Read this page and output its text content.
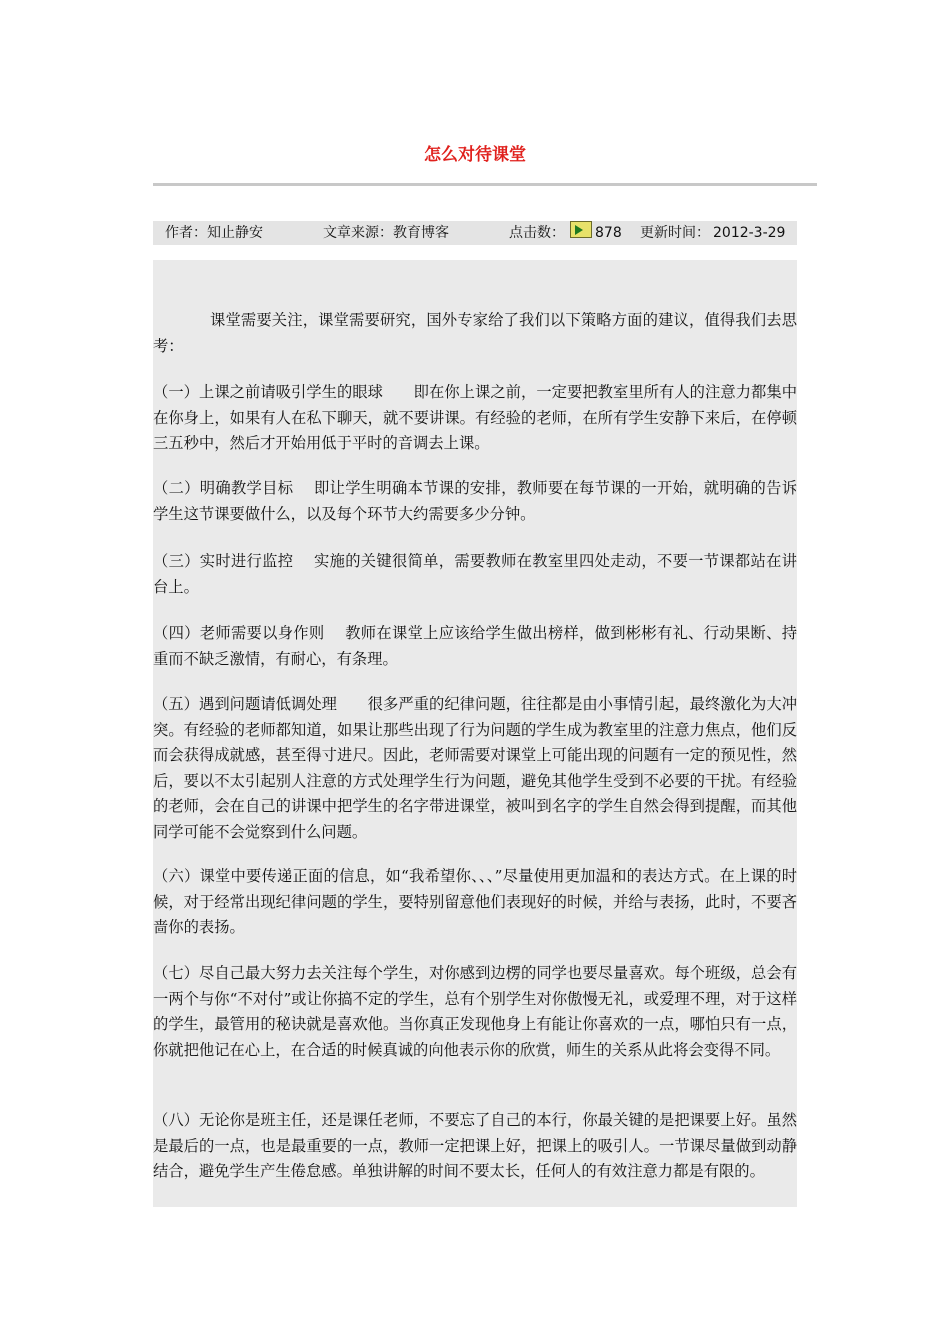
怎么对待课堂
作者：知止静安	文章来源：教育博客	点击数： 878 更新时间： 2012-3-29

课堂需要关注，课堂需要研究，国外专家给了我们以下策略方面的建议，值得我们去思考：

（一）上课之前请吸引学生的眼球　　即在你上课之前，一定要把教室里所有人的注意力都集中在你身上，如果有人在私下聊天，就不要讲课。有经验的老师，在所有学生安静下来后，在停顿三五秒中，然后才开始用低于平时的音调去上课。

（二）明确教学目标　 即让学生明确本节课的安排，教师要在每节课的一开始，就明确的告诉学生这节课要做什么，以及每个环节大约需要多少分钟。

（三）实时进行监控　 实施的关键很简单，需要教师在教室里四处走动，不要一节课都站在讲台上。

（四）老师需要以身作则　 教师在课堂上应该给学生做出榜样，做到彬彬有礼、行动果断、持重而不缺乏激情，有耐心，有条理。

（五）遇到问题请低调处理　　很多严重的纪律问题，往往都是由小事情引起，最终激化为大冲突。有经验的老师都知道，如果让那些出现了行为问题的学生成为教室里的注意力焦点，他们反而会获得成就感，甚至得寸进尺。因此，老师需要对课堂上可能出现的问题有一定的预见性，然后，要以不太引起别人注意的方式处理学生行为问题，避免其他学生受到不必要的干扰。有经验的老师，会在自己的讲课中把学生的名字带进课堂，被叫到名字的学生自然会得到提醒，而其他同学可能不会觉察到什么问题。

（六）课堂中要传递正面的信息，如“我希望你、、、”尽量使用更加温和的表达方式。在上课的时候，对于经常出现纪律问题的学生，要特别留意他们表现好的时候，并给与表扬，此时，不要吝啬你的表扬。

（七）尽自己最大努力去关注每个学生，对你感到边楞的同学也要尽量喜欢。每个班级，总会有一两个与你“不对付”或让你搞不定的学生，总有个别学生对你傲慢无礼，或爱理不理，对于这样的学生，最管用的秘诀就是喜欢他。当你真正发现他身上有能让你喜欢的一点，哪怕只有一点，你就把他记在心上，在合适的时候真诚的向他表示你的欣赏，师生的关系从此将会变得不同。

（八）无论你是班主任，还是课任老师，不要忘了自己的本行，你最关键的是把课要上好。虽然是最后的一点，也是最重要的一点，教师一定把课上好，把课上的吸引人。一节课尽量做到动静结合，避免学生产生倦怠感。单独讲解的时间不要太长，任何人的有效注意力都是有限的。
